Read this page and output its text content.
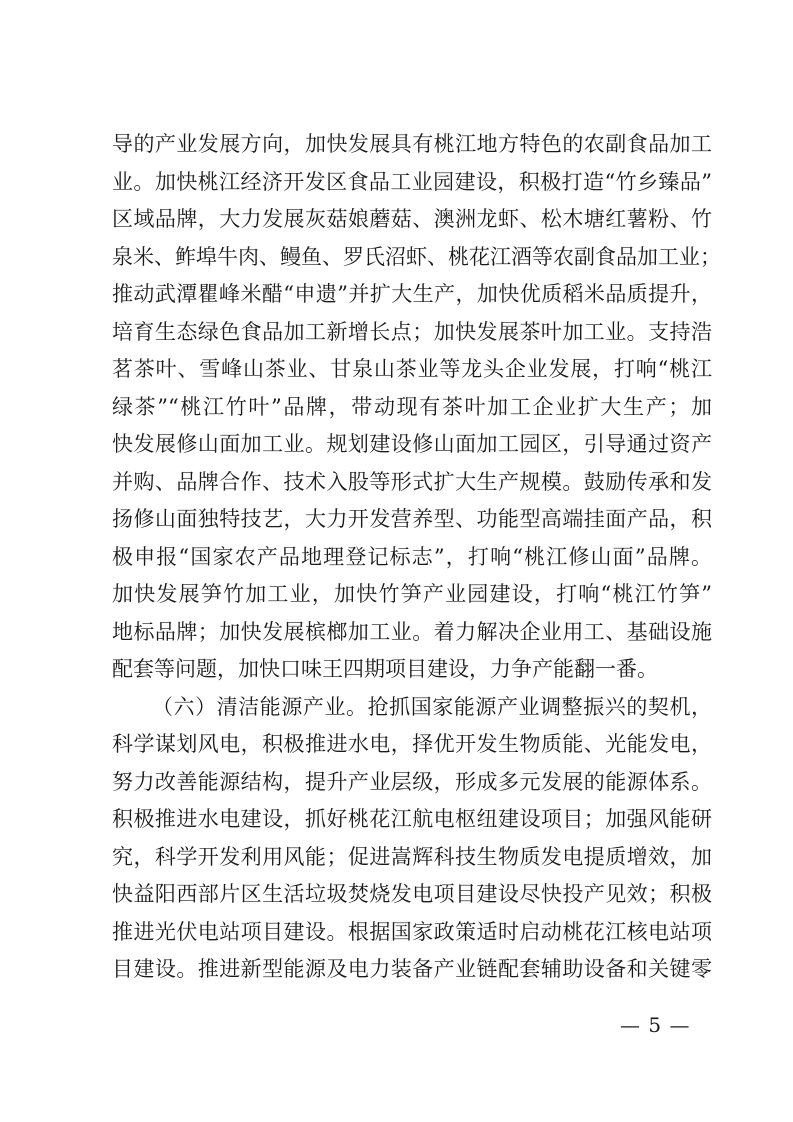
导的产业发展方向，加快发展具有桃江地方特色的农副食品加工
业。加快桃江经济开发区食品工业园建设，积极打造“竹乡臻品”
区域品牌，大力发展灰菇娘蘑菇、澳洲龙虾、松木塘红薯粉、竹
泉米、鲊埠牛肉、鳗鱼、罗氏沼虾、桃花江酒等农副食品加工业；
推动武潭瞿峰米醋“申遗”并扩大生产，加快优质稻米品质提升，
培育生态绿色食品加工新增长点；加快发展茶叶加工业。支持浩
茗茶叶、雪峰山茶业、甘泉山茶业等龙头企业发展，打响“桃江
绿茶”“桃江竹叶”品牌，带动现有茶叶加工企业扩大生产；加
快发展修山面加工业。规划建设修山面加工园区，引导通过资产
并购、品牌合作、技术入股等形式扩大生产规模。鼓励传承和发
扬修山面独特技艺，大力开发营养型、功能型高端挂面产品，积
极申报“国家农产品地理登记标志”，打响“桃江修山面”品牌。
加快发展笋竹加工业，加快竹笋产业园建设，打响“桃江竹笋”
地标品牌；加快发展槟榔加工业。着力解决企业用工、基础设施
配套等问题，加快口味王四期项目建设，力争产能翻一番。
（六）清洁能源产业。抢抓国家能源产业调整振兴的契机，
科学谋划风电，积极推进水电，择优开发生物质能、光能发电，
努力改善能源结构，提升产业层级，形成多元发展的能源体系。
积极推进水电建设，抓好桃花江航电枢纽建设项目；加强风能研
究，科学开发利用风能；促进嵩辉科技生物质发电提质增效，加
快益阳西部片区生活垃圾焚烧发电项目建设尽快投产见效；积极
推进光伏电站项目建设。根据国家政策适时启动桃花江核电站项
目建设。推进新型能源及电力装备产业链配套辅助设备和关键零
— 5 —
